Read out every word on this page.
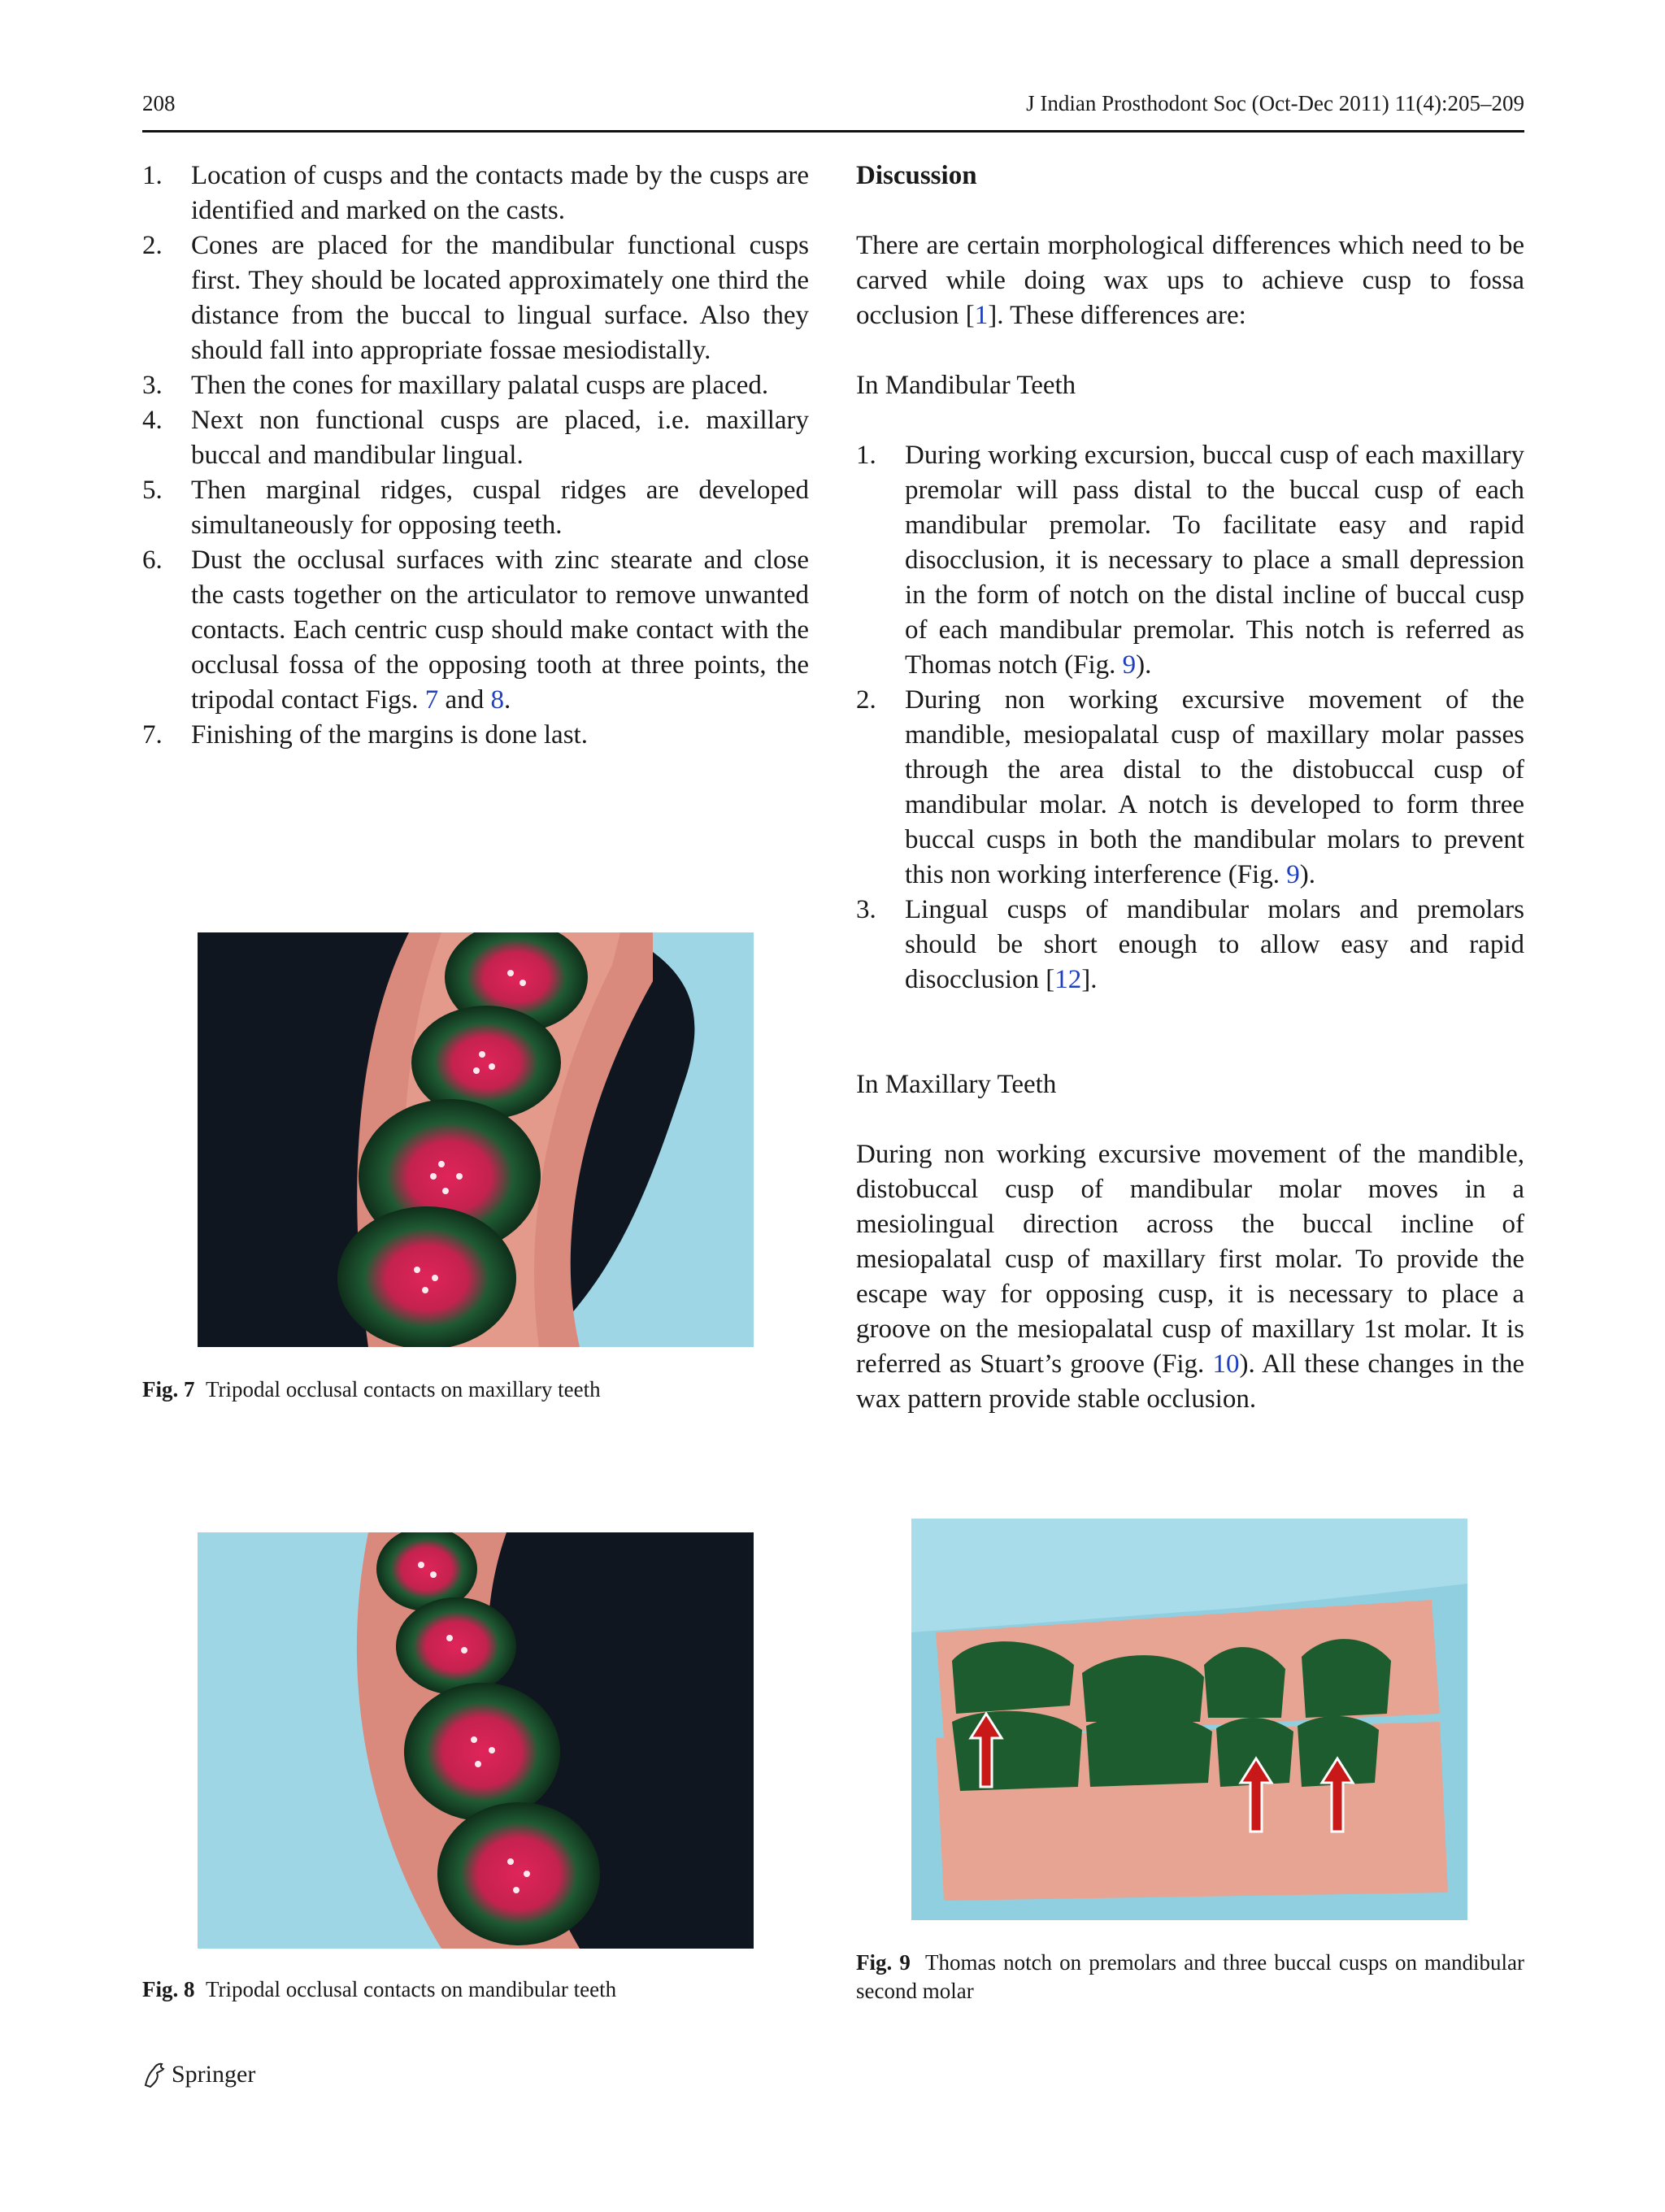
208	J Indian Prosthodont Soc (Oct-Dec 2011) 11(4):205–209
1. Location of cusps and the contacts made by the cusps are identified and marked on the casts.
2. Cones are placed for the mandibular functional cusps first. They should be located approximately one third the distance from the buccal to lingual surface. Also they should fall into appropriate fossae mesiodistally.
3. Then the cones for maxillary palatal cusps are placed.
4. Next non functional cusps are placed, i.e. maxillary buccal and mandibular lingual.
5. Then marginal ridges, cuspal ridges are developed simultaneously for opposing teeth.
6. Dust the occlusal surfaces with zinc stearate and close the casts together on the articulator to remove unwanted contacts. Each centric cusp should make contact with the occlusal fossa of the opposing tooth at three points, the tripodal contact Figs. 7 and 8.
7. Finishing of the margins is done last.

Discussion

There are certain morphological differences which need to be carved while doing wax ups to achieve cusp to fossa occlusion [1]. These differences are:

In Mandibular Teeth

1. During working excursion, buccal cusp of each maxillary premolar will pass distal to the buccal cusp of each mandibular premolar. To facilitate easy and rapid disocclusion, it is necessary to place a small depression in the form of notch on the distal incline of buccal cusp of each mandibular premolar. This notch is referred as Thomas notch (Fig. 9).
2. During non working excursive movement of the mandible, mesiopalatal cusp of maxillary molar passes through the area distal to the distobuccal cusp of mandibular molar. A notch is developed to form three buccal cusps in both the mandibular molars to prevent this non working interference (Fig. 9).
3. Lingual cusps of mandibular molars and premolars should be short enough to allow easy and rapid disocclusion [12].

In Maxillary Teeth

During non working excursive movement of the mandible, distobuccal cusp of mandibular molar moves in a mesiolingual direction across the buccal incline of mesiopalatal cusp of maxillary first molar. To provide the escape way for opposing cusp, it is necessary to place a groove on the mesiopalatal cusp of maxillary 1st molar. It is referred as Stuart’s groove (Fig. 10). All these changes in the wax pattern provide stable occlusion.

Fig. 7 Tripodal occlusal contacts on maxillary teeth
Fig. 8 Tripodal occlusal contacts on mandibular teeth
Fig. 9 Thomas notch on premolars and three buccal cusps on mandibular second molar
Springer
